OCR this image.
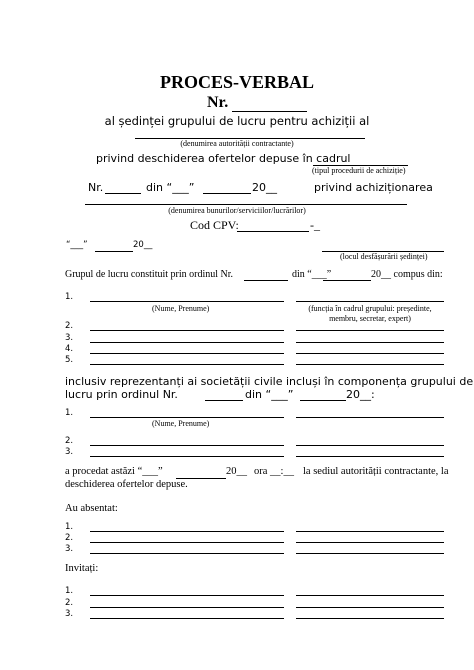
PROCES-VERBAL
Nr.
al ședinței grupului de lucru pentru achiziții al
(denumirea autorității contractante)
privind deschiderea ofertelor depuse în cadrul
(tipul procedurii de achiziție)
Nr.	din “___”	20__	privind achiziționarea
(denumirea bunurilor/serviciilor/lucrărilor)
Cod CPV:	-_
“___”	20__
(locul desfășurării ședinței)
Grupul de lucru constituit prin ordinul Nr.	din “___”	20__ compus din:
1.
(Nume, Prenume)	(funcția în cadrul grupului: președinte, membru, secretar, expert)
2.
3.
4.
5.
inclusiv reprezentanți ai societății civile incluși în componența grupului de
lucru prin ordinul Nr.	din “___”	20__:
1.
(Nume, Prenume)
2.
3.
a procedat astăzi “___”	20__ ora __:__ la sediul autorității contractante, la
deschiderea ofertelor depuse.
Au absentat:
1.
2.
3.
Invitați:
1.
2.
3.
